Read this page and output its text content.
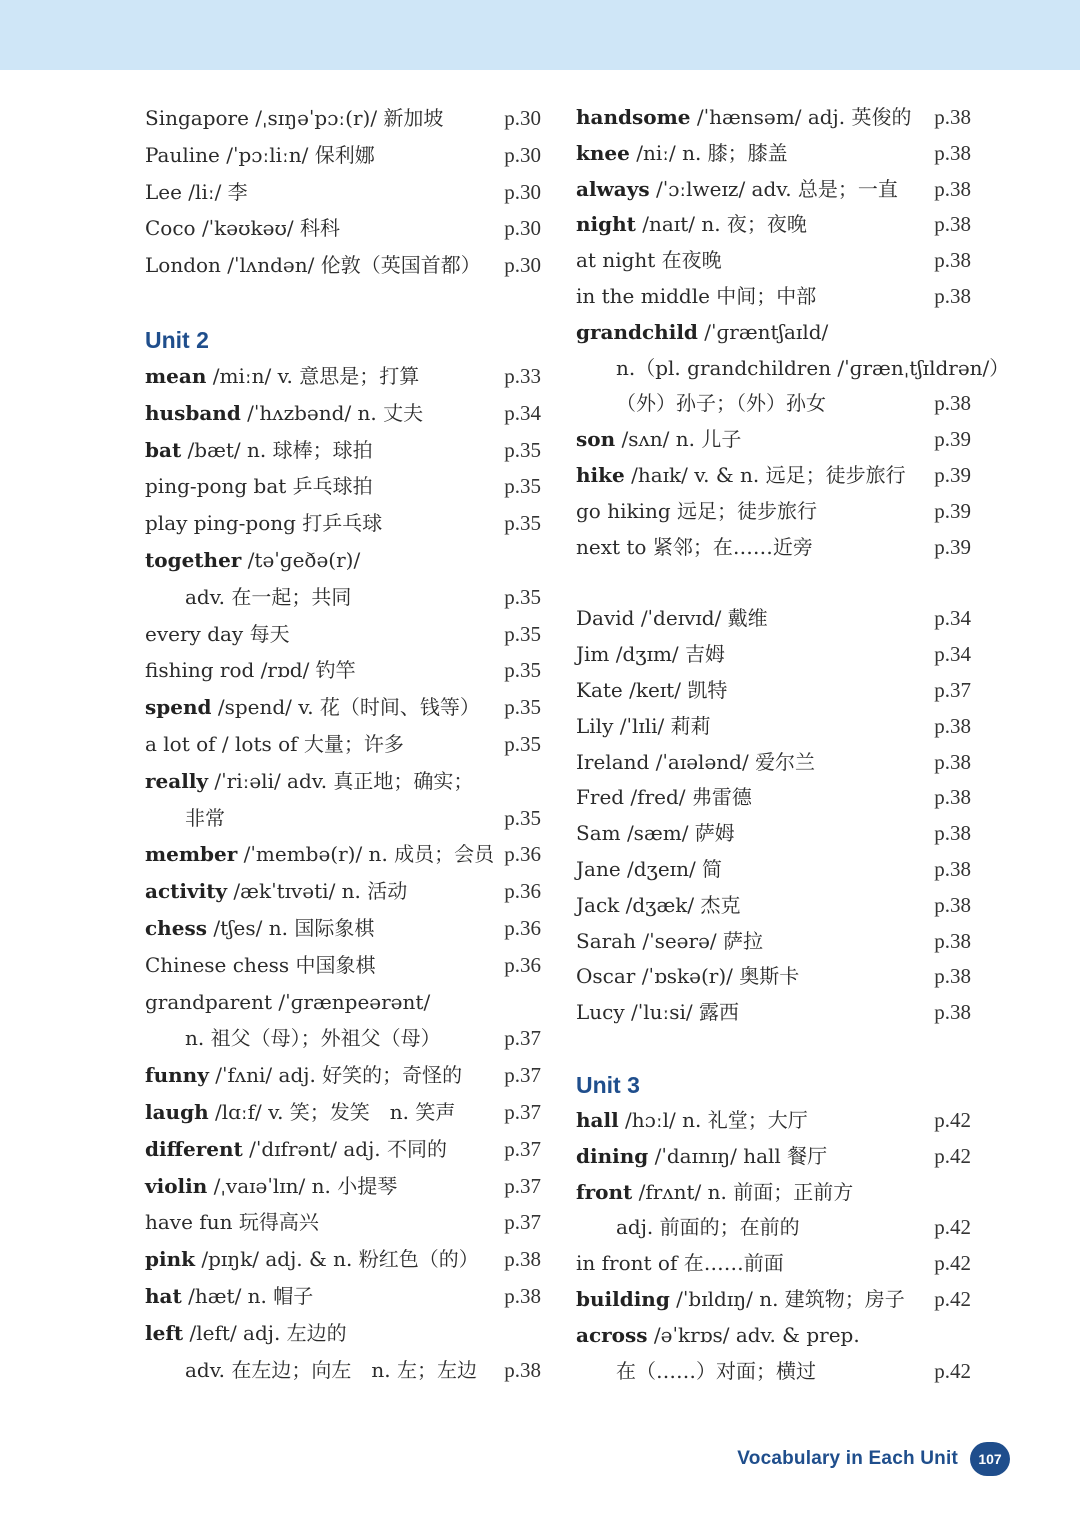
Singapore /ˌsɪŋəˈpɔː(r)/ 新加坡	p.30
Pauline /ˈpɔːliːn/ 保利娜	p.30
Lee /liː/ 李	p.30
Coco /ˈkəʊkəʊ/ 科科	p.30
London /ˈlʌndən/ 伦敦（英国首都） p.30
Unit 2
mean /miːn/ v. 意思是；打算	p.33
husband /ˈhʌzbənd/ n. 丈夫	p.34
bat /bæt/ n. 球棒；球拍	p.35
ping-pong bat 乒乓球拍	p.35
play ping-pong 打乒乓球	p.35
together /təˈɡeðə(r)/
adv. 在一起；共同	p.35
every day 每天	p.35
fishing rod /rɒd/ 钓竿	p.35
spend /spend/ v. 花（时间、钱等） p.35
a lot of / lots of 大量；许多	p.35
really /ˈriːəli/ adv. 真正地；确实；
非常	p.35
member /ˈmembə(r)/ n. 成员；会员 p.36
activity /ækˈtɪvəti/ n. 活动	p.36
chess /tʃes/ n. 国际象棋	p.36
Chinese chess 中国象棋	p.36
grandparent /ˈɡrænpeərənt/
n. 祖父（母）；外祖父（母）	p.37
funny /ˈfʌni/ adj. 好笑的；奇怪的 p.37
laugh /lɑːf/ v. 笑；发笑　n. 笑声 p.37
different /ˈdɪfrənt/ adj. 不同的	p.37
violin /ˌvaɪəˈlɪn/ n. 小提琴	p.37
have fun 玩得高兴	p.37
pink /pɪŋk/ adj. & n. 粉红色（的） p.38
hat /hæt/ n. 帽子	p.38
left /left/ adj. 左边的
adv. 在左边；向左　n. 左；左边 p.38
handsome /ˈhænsəm/ adj. 英俊的 p.38
knee /niː/ n. 膝；膝盖	p.38
always /ˈɔːlweɪz/ adv. 总是；一直 p.38
night /naɪt/ n. 夜；夜晚	p.38
at night 在夜晚	p.38
in the middle 中间；中部	p.38
grandchild /ˈɡræntʃaɪld/
n.（pl. grandchildren /ˈɡrænˌtʃɪldrən/）
（外）孙子；（外）孙女	p.38
son /sʌn/ n. 儿子	p.39
hike /haɪk/ v. & n. 远足；徒步旅行 p.39
go hiking 远足；徒步旅行	p.39
next to 紧邻；在……近旁	p.39
David /ˈdeɪvɪd/ 戴维	p.34
Jim /dʒɪm/ 吉姆	p.34
Kate /keɪt/ 凯特	p.37
Lily /ˈlɪli/ 莉莉	p.38
Ireland /ˈaɪələnd/ 爱尔兰	p.38
Fred /fred/ 弗雷德	p.38
Sam /sæm/ 萨姆	p.38
Jane /dʒeɪn/ 简	p.38
Jack /dʒæk/ 杰克	p.38
Sarah /ˈseərə/ 萨拉	p.38
Oscar /ˈɒskə(r)/ 奥斯卡	p.38
Lucy /ˈluːsi/ 露西	p.38
Unit 3
hall /hɔːl/ n. 礼堂；大厅	p.42
dining /ˈdaɪnɪŋ/ hall 餐厅	p.42
front /frʌnt/ n. 前面；正前方
adj. 前面的；在前的	p.42
in front of 在……前面	p.42
building /ˈbɪldɪŋ/ n. 建筑物；房子 p.42
across /əˈkrɒs/ adv. & prep.
在（……）对面；横过	p.42
Vocabulary in Each Unit	107
